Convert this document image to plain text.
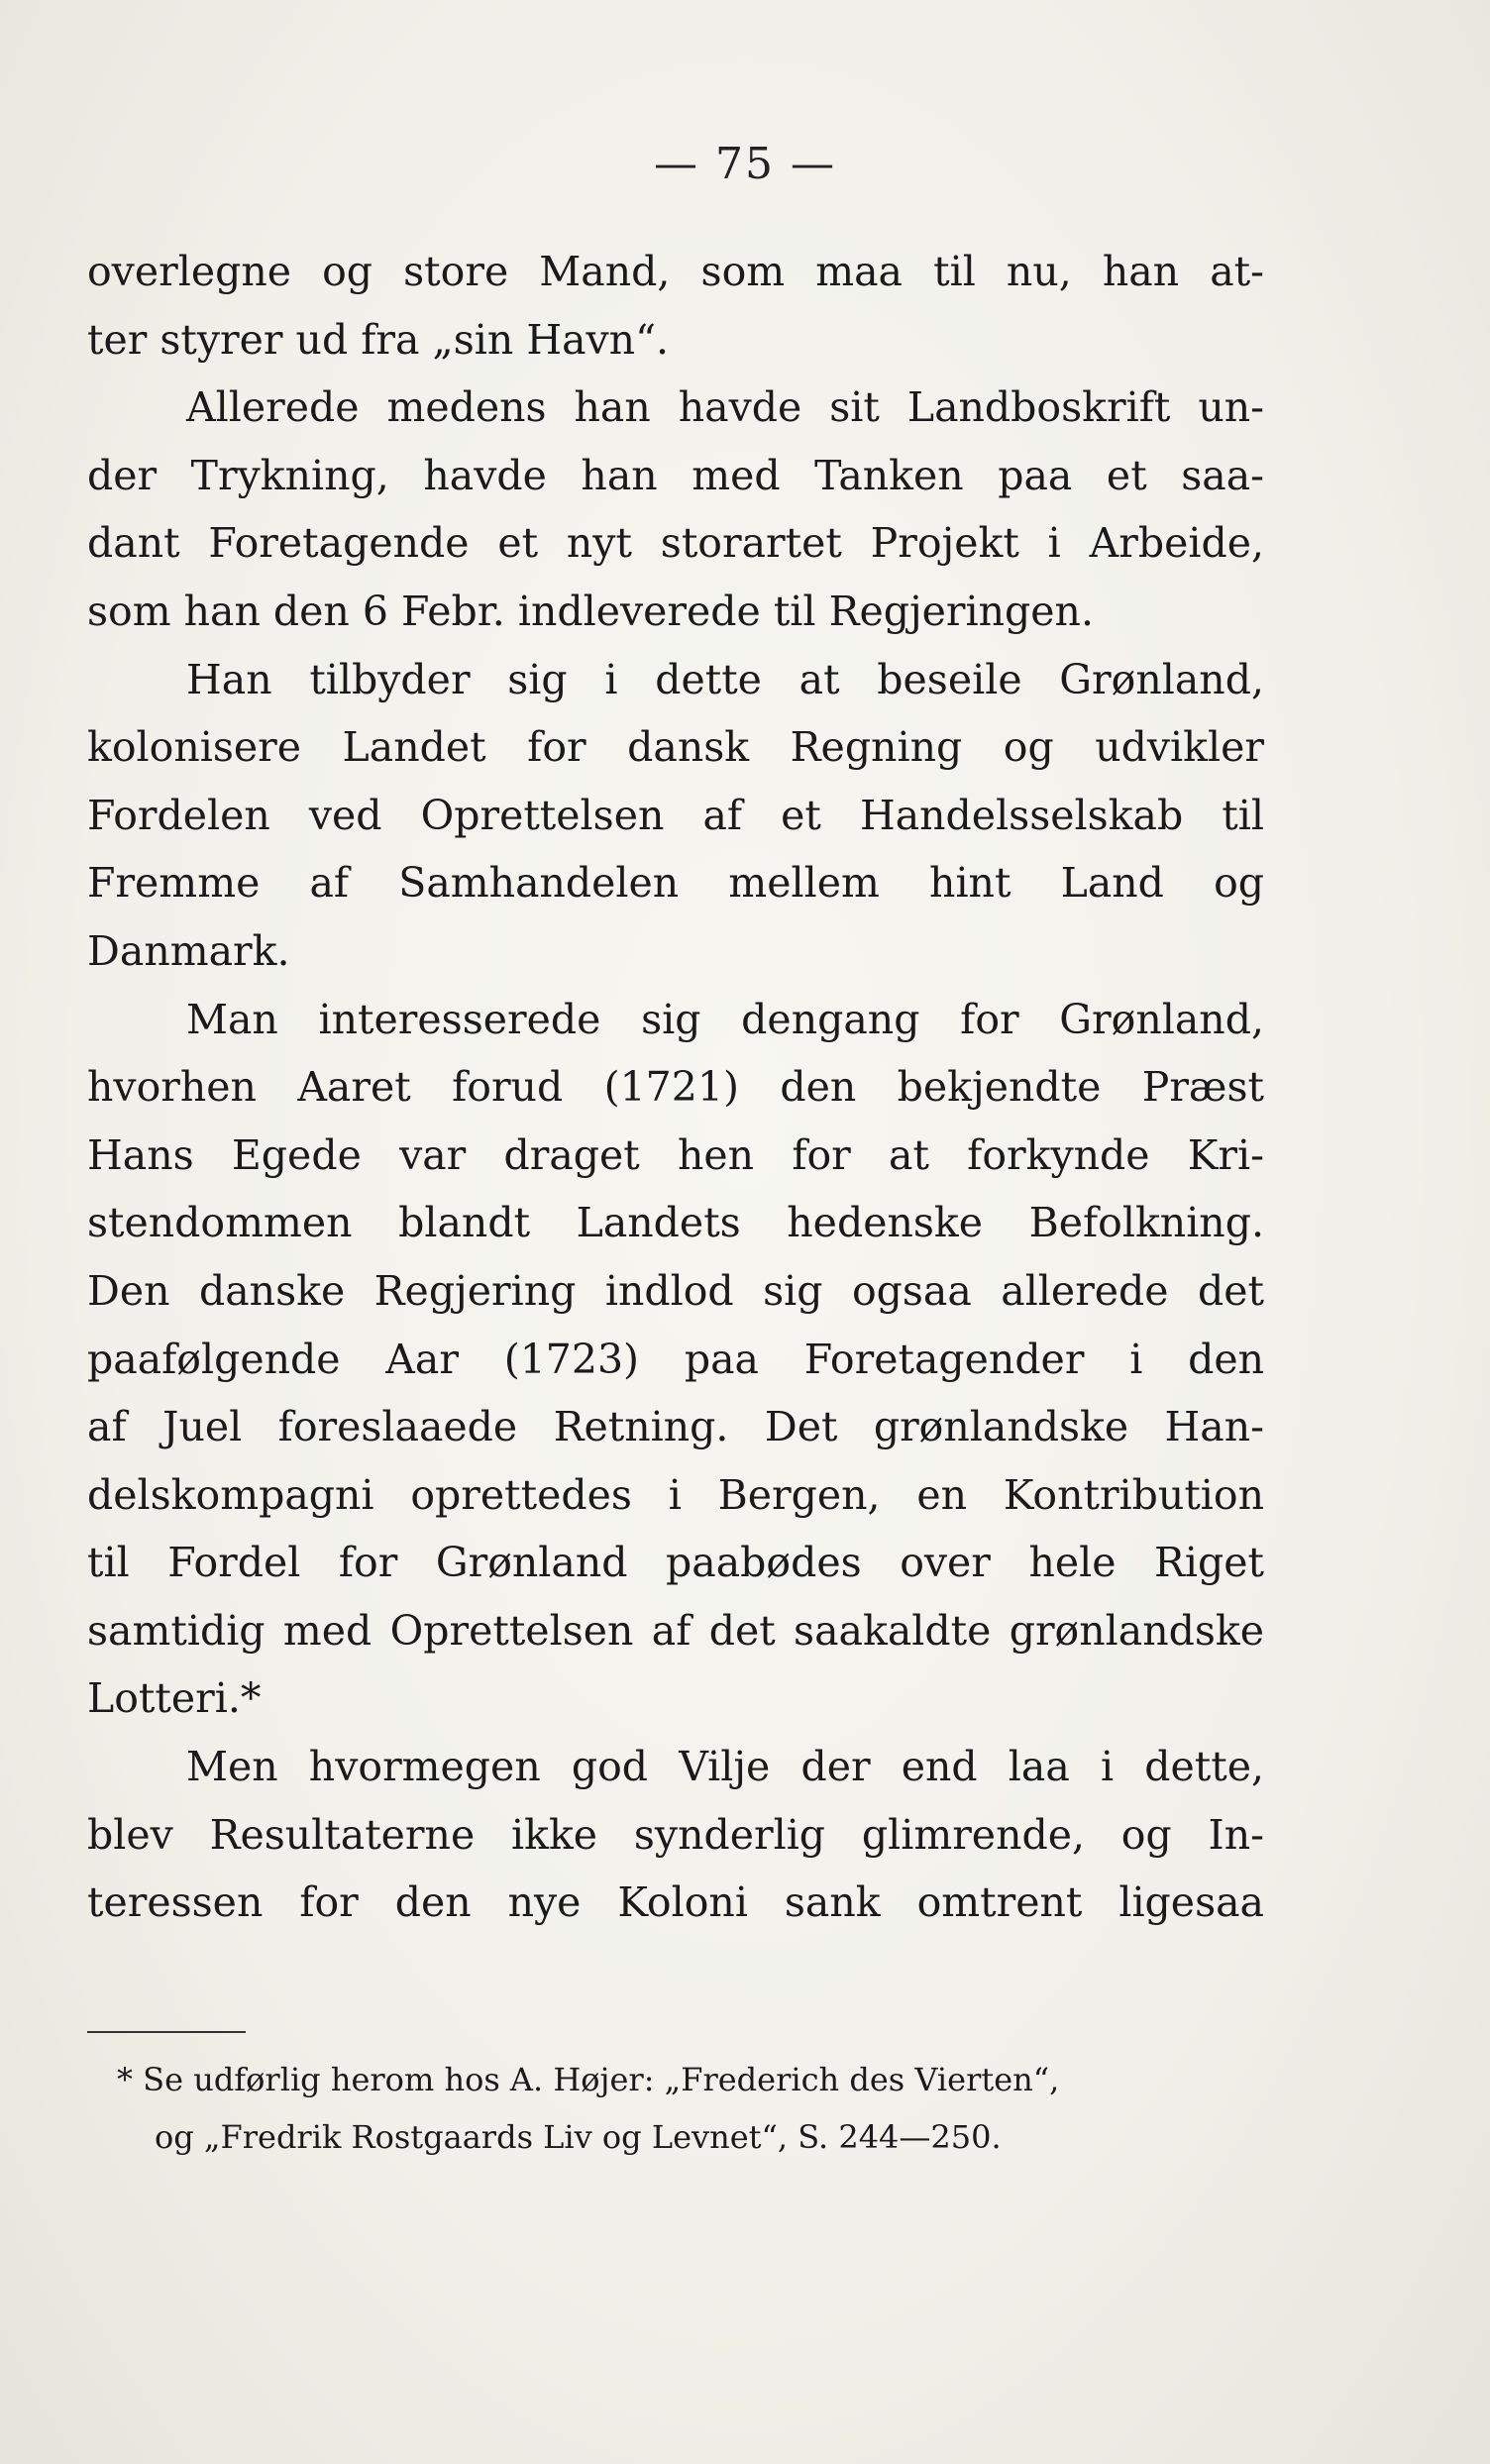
— 75 —
overlegne og store Mand, som maa til nu, han at-
ter styrer ud fra „sin Havn“.
Allerede medens han havde sit Landboskrift un-
der Trykning, havde han med Tanken paa et saa-
dant Foretagende et nyt storartet Projekt i Arbeide,
som han den 6 Febr. indleverede til Regjeringen.
Han tilbyder sig i dette at beseile Grønland,
kolonisere Landet for dansk Regning og udvikler
Fordelen ved Oprettelsen af et Handelsselskab til
Fremme af Samhandelen mellem hint Land og
Danmark.
Man interesserede sig dengang for Grønland,
hvorhen Aaret forud (1721) den bekjendte Præst
Hans Egede var draget hen for at forkynde Kri-
stendommen blandt Landets hedenske Befolkning.
Den danske Regjering indlod sig ogsaa allerede det
paafølgende Aar (1723) paa Foretagender i den
af Juel foreslaaede Retning. Det grønlandske Han-
delskompagni oprettedes i Bergen, en Kontribution
til Fordel for Grønland paabødes over hele Riget
samtidig med Oprettelsen af det saakaldte grønlandske
Lotteri.*
Men hvormegen god Vilje der end laa i dette,
blev Resultaterne ikke synderlig glimrende, og In-
teressen for den nye Koloni sank omtrent ligesaa
* Se udførlig herom hos A. Højer: „Frederich des Vierten“,
og „Fredrik Rostgaards Liv og Levnet“, S. 244—250.
